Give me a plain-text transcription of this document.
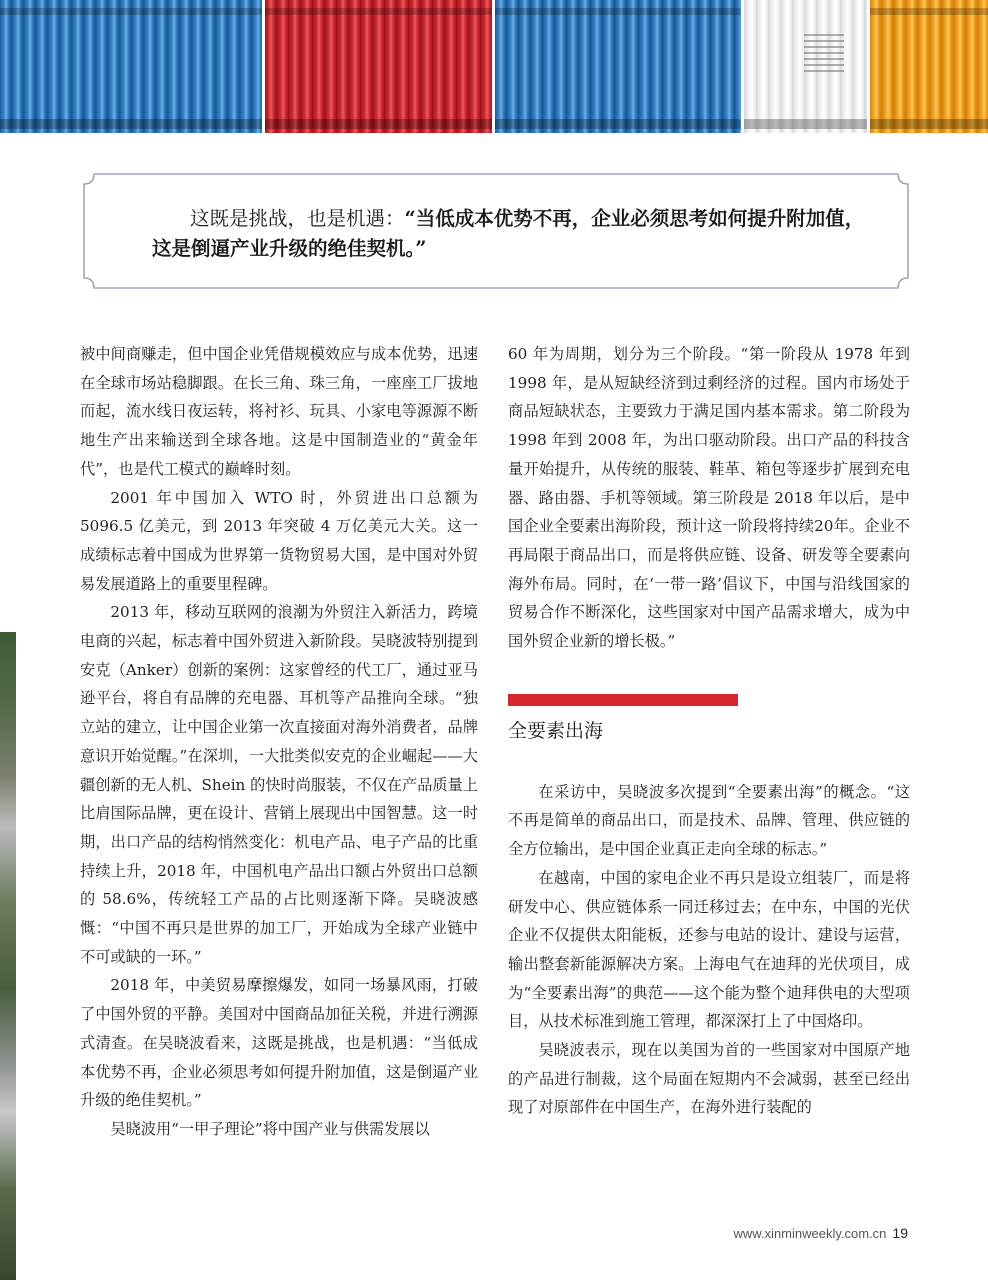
这既是挑战，也是机遇：“当低成本优势不再，企业必须思考如何提升附加值，
这是倒逼产业升级的绝佳契机。”

被中间商赚走，但中国企业凭借规模效应与成本优势，迅速在全球市场站稳脚跟。在长三角、珠三角，一座座工厂拔地而起，流水线日夜运转，将衬衫、玩具、小家电等源源不断地生产出来输送到全球各地。这是中国制造业的“黄金年代”，也是代工模式的巅峰时刻。

2001 年中国加入 WTO 时，外贸进出口总额为 5096.5 亿美元，到 2013 年突破 4 万亿美元大关。这一成绩标志着中国成为世界第一货物贸易大国，是中国对外贸易发展道路上的重要里程碑。

2013 年，移动互联网的浪潮为外贸注入新活力，跨境电商的兴起，标志着中国外贸进入新阶段。吴晓波特别提到安克（Anker）创新的案例：这家曾经的代工厂，通过亚马逊平台，将自有品牌的充电器、耳机等产品推向全球。“独立站的建立，让中国企业第一次直接面对海外消费者，品牌意识开始觉醒。”在深圳，一大批类似安克的企业崛起——大疆创新的无人机、Shein 的快时尚服装，不仅在产品质量上比肩国际品牌，更在设计、营销上展现出中国智慧。这一时期，出口产品的结构悄然变化：机电产品、电子产品的比重持续上升，2018 年，中国机电产品出口额占外贸出口总额的 58.6%，传统轻工产品的占比则逐渐下降。吴晓波感慨：“中国不再只是世界的加工厂，开始成为全球产业链中不可或缺的一环。”

2018 年，中美贸易摩擦爆发，如同一场暴风雨，打破了中国外贸的平静。美国对中国商品加征关税，并进行溯源式清查。在吴晓波看来，这既是挑战，也是机遇：“当低成本优势不再，企业必须思考如何提升附加值，这是倒逼产业升级的绝佳契机。”

吴晓波用“一甲子理论”将中国产业与供需发展以

60 年为周期，划分为三个阶段。“第一阶段从 1978 年到 1998 年，是从短缺经济到过剩经济的过程。国内市场处于商品短缺状态，主要致力于满足国内基本需求。第二阶段为 1998 年到 2008 年，为出口驱动阶段。出口产品的科技含量开始提升，从传统的服装、鞋革、箱包等逐步扩展到充电器、路由器、手机等领域。第三阶段是 2018 年以后，是中国企业全要素出海阶段，预计这一阶段将持续20年。企业不再局限于商品出口，而是将供应链、设备、研发等全要素向海外布局。同时，在‘一带一路’倡议下，中国与沿线国家的贸易合作不断深化，这些国家对中国产品需求增大，成为中国外贸企业新的增长极。”

全要素出海

在采访中，吴晓波多次提到“全要素出海”的概念。“这不再是简单的商品出口，而是技术、品牌、管理、供应链的全方位输出，是中国企业真正走向全球的标志。”

在越南，中国的家电企业不再只是设立组装厂，而是将研发中心、供应链体系一同迁移过去；在中东，中国的光伏企业不仅提供太阳能板，还参与电站的设计、建设与运营，输出整套新能源解决方案。上海电气在迪拜的光伏项目，成为“全要素出海”的典范——这个能为整个迪拜供电的大型项目，从技术标准到施工管理，都深深打上了中国烙印。

吴晓波表示，现在以美国为首的一些国家对中国原产地的产品进行制裁，这个局面在短期内不会减弱，甚至已经出现了对原部件在中国生产，在海外进行装配的

www.xinminweekly.com.cn 19
